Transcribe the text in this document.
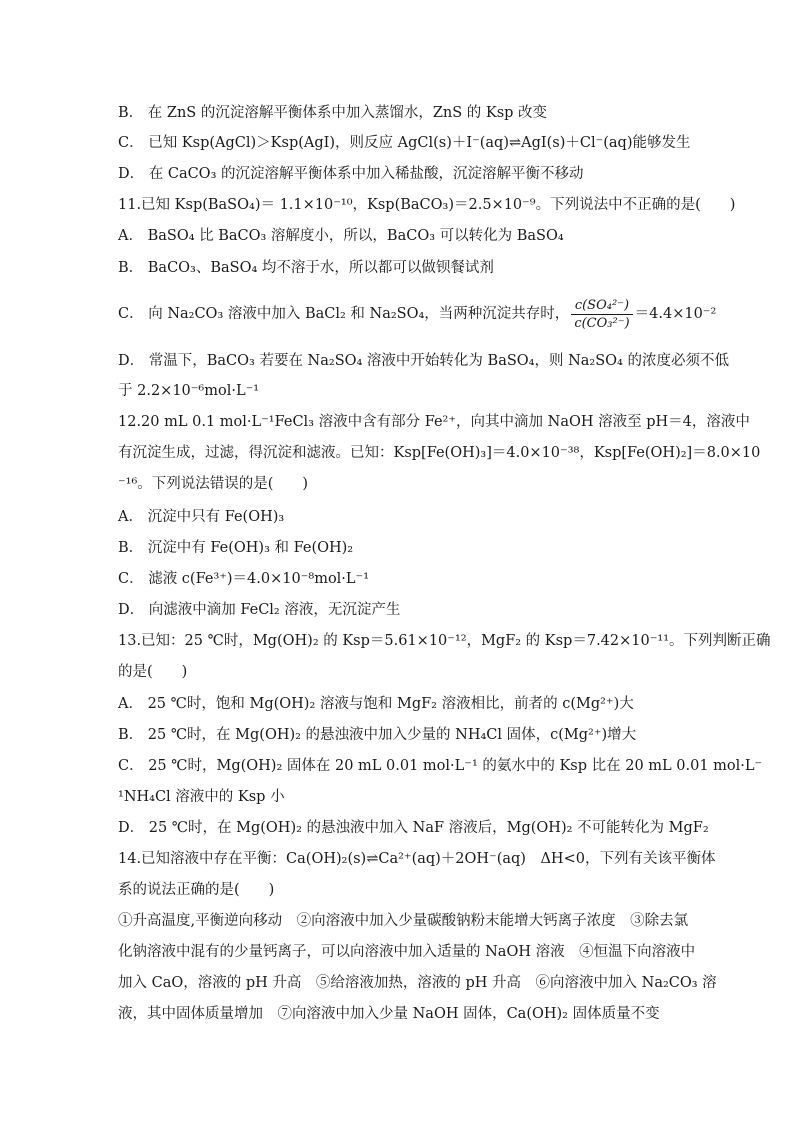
B． 在 ZnS 的沉淀溶解平衡体系中加入蒸馏水，ZnS 的 Ksp 改变
C． 已知 Ksp(AgCl)＞Ksp(AgI)，则反应 AgCl(s)＋I⁻(aq)⇌AgI(s)＋Cl⁻(aq)能够发生
D． 在 CaCO₃ 的沉淀溶解平衡体系中加入稀盐酸，沉淀溶解平衡不移动
11.已知 Ksp(BaSO₄)＝ 1.1×10⁻¹⁰，Ksp(BaCO₃)＝2.5×10⁻⁹。下列说法中不正确的是(　　)
A． BaSO₄ 比 BaCO₃ 溶解度小，所以，BaCO₃ 可以转化为 BaSO₄
B． BaCO₃、BaSO₄ 均不溶于水，所以都可以做钡餐试剂
C． 向 Na₂CO₃ 溶液中加入 BaCl₂ 和 Na₂SO₄，当两种沉淀共存时， $\frac{\text{c(SO₄²⁻)}}{\text{c(CO₃²⁻)}} =4.4\times 10^{-2}$
D． 常温下，BaCO₃ 若要在 Na₂SO₄ 溶液中开始转化为 BaSO₄，则 Na₂SO₄ 的浓度必须不低
于 2.2×10⁻⁶mol·L⁻¹
12.20 mL 0.1 mol·L⁻¹FeCl₃ 溶液中含有部分 Fe²⁺，向其中滴加 NaOH 溶液至 pH＝4，溶液中
有沉淀生成，过滤，得沉淀和滤液。已知：Ksp[Fe(OH)₃]＝4.0×10⁻³⁸，Ksp[Fe(OH)₂]＝8.0×10
⁻¹⁶。下列说法错误的是(　　)
A． 沉淀中只有 Fe(OH)₃
B． 沉淀中有 Fe(OH)₃ 和 Fe(OH)₂
C． 滤液 c(Fe³⁺)＝4.0×10⁻⁸mol·L⁻¹
D． 向滤液中滴加 FeCl₂ 溶液，无沉淀产生
13.已知：25 ℃时，Mg(OH)₂ 的 Ksp＝5.61×10⁻¹²，MgF₂ 的 Ksp＝7.42×10⁻¹¹。下列判断正确
的是(　　)
A． 25 ℃时，饱和 Mg(OH)₂ 溶液与饱和 MgF₂ 溶液相比，前者的 c(Mg²⁺)大
B． 25 ℃时，在 Mg(OH)₂ 的悬浊液中加入少量的 NH₄Cl 固体，c(Mg²⁺)增大
C． 25 ℃时，Mg(OH)₂ 固体在 20 mL 0.01 mol·L⁻¹ 的氨水中的 Ksp 比在 20 mL 0.01 mol·L⁻
¹NH₄Cl 溶液中的 Ksp 小
D． 25 ℃时，在 Mg(OH)₂ 的悬浊液中加入 NaF 溶液后，Mg(OH)₂ 不可能转化为 MgF₂
14.已知溶液中存在平衡：Ca(OH)₂(s)⇌Ca²⁺(aq)＋2OH⁻(aq)　ΔH<0，下列有关该平衡体
系的说法正确的是(　　)
①升高温度,平衡逆向移动　②向溶液中加入少量碳酸钠粉末能增大钙离子浓度　③除去氯
化钠溶液中混有的少量钙离子，可以向溶液中加入适量的 NaOH 溶液　④恒温下向溶液中
加入 CaO，溶液的 pH 升高　⑤给溶液加热，溶液的 pH 升高　⑥向溶液中加入 Na₂CO₃ 溶
液，其中固体质量增加　⑦向溶液中加入少量 NaOH 固体，Ca(OH)₂ 固体质量不变
